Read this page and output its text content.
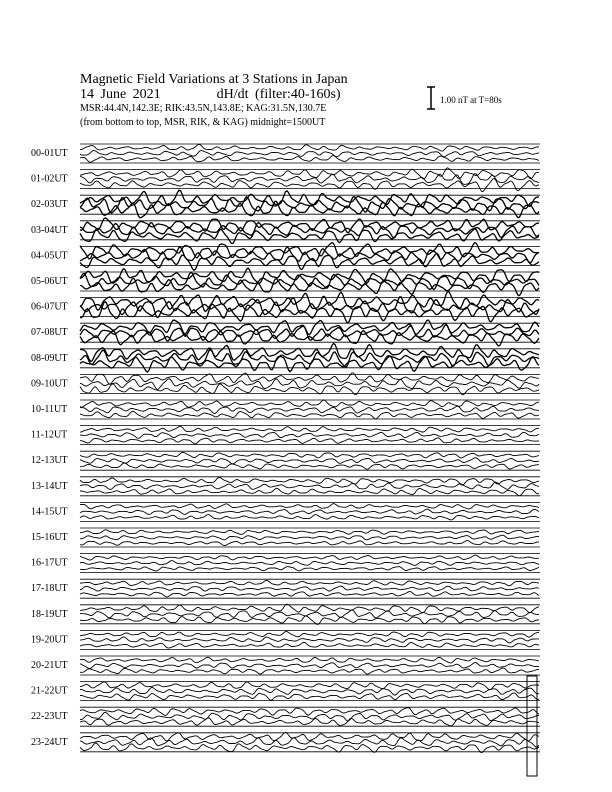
Magnetic Field Variations at 3 Stations in Japan
14 June 2021	dH/dt (filter:40-160s)
MSR:44.4N,142.3E; RIK:43.5N,143.8E; KAG:31.5N,130.7E
(from bottom to top, MSR, RIK, & KAG) midnight=1500UT
1.00 nT at T=80s
00-01UT
01-02UT
02-03UT
03-04UT
04-05UT
05-06UT
06-07UT
07-08UT
08-09UT
09-10UT
10-11UT
11-12UT
12-13UT
13-14UT
14-15UT
15-16UT
16-17UT
17-18UT
18-19UT
19-20UT
20-21UT
21-22UT
22-23UT
23-24UT
